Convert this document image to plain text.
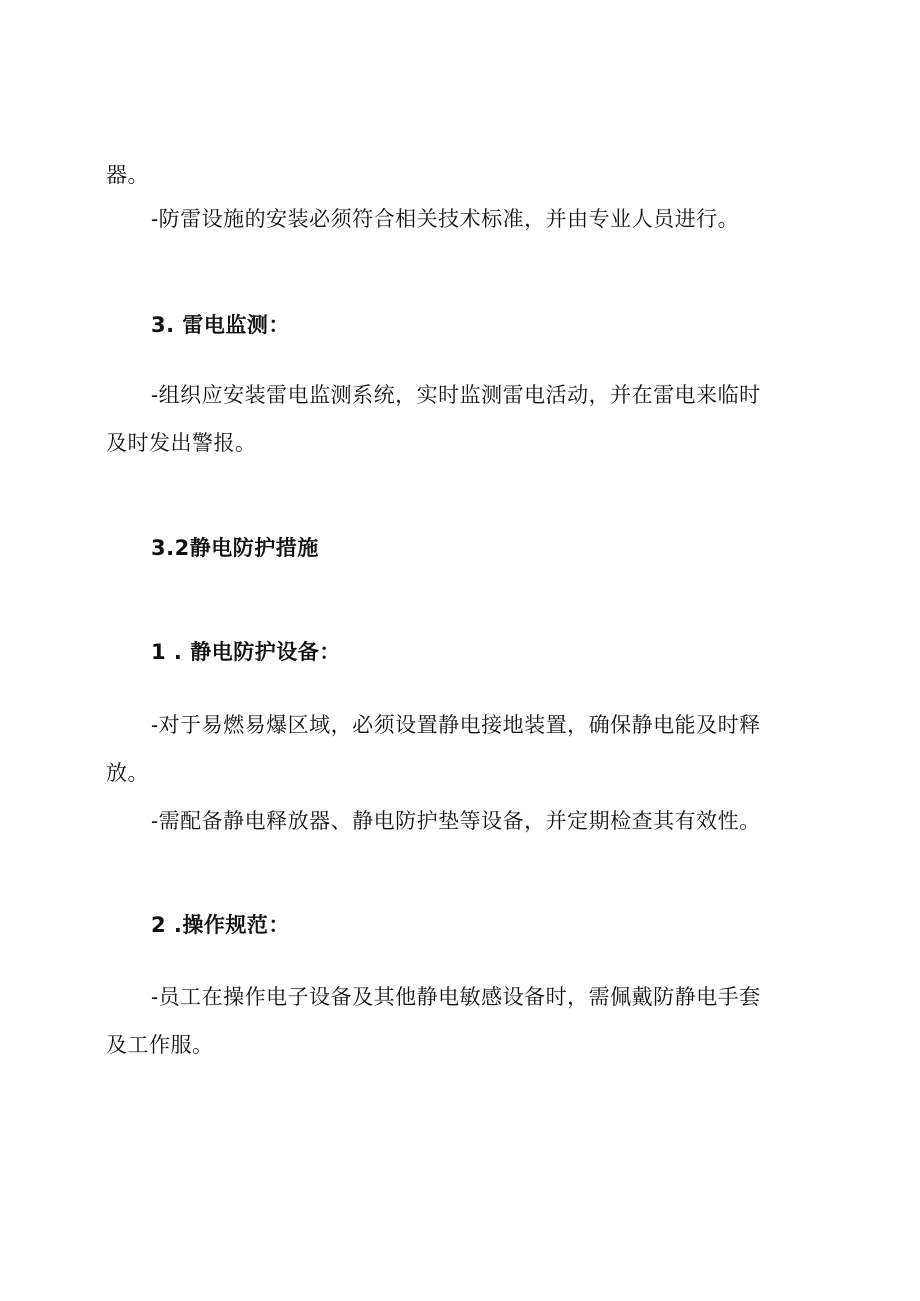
器。
-防雷设施的安装必须符合相关技术标准，并由专业人员进行。
3. 雷电监测：
-组织应安装雷电监测系统，实时监测雷电活动，并在雷电来临时
及时发出警报。
3.2静电防护措施
1 . 静电防护设备：
-对于易燃易爆区域，必须设置静电接地装置，确保静电能及时释
放。
-需配备静电释放器、静电防护垫等设备，并定期检查其有效性。
2 .操作规范：
-员工在操作电子设备及其他静电敏感设备时，需佩戴防静电手套
及工作服。
